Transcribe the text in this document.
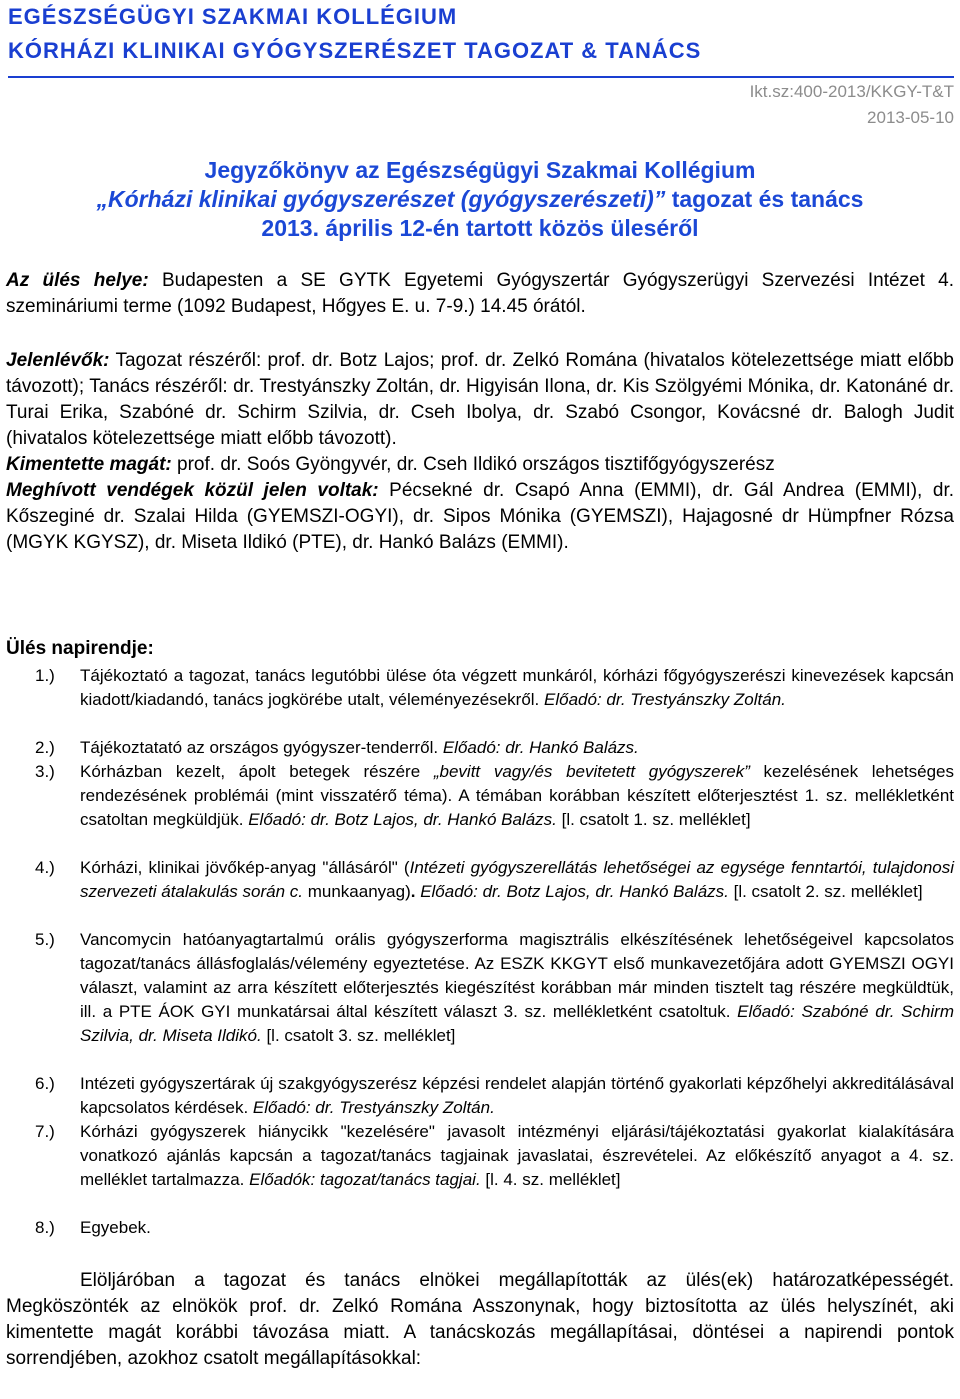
EGÉSZSÉGÜGYI SZAKMAI KOLLÉGIUM
KÓRHÁZI KLINIKAI GYÓGYSZERÉSZET TAGOZAT & TANÁCS
Ikt.sz:400-2013/KKGY-T&T
2013-05-10
Jegyzőkönyv az Egészségügyi Szakmai Kollégium
„Kórházi klinikai gyógyszerészet (gyógyszerészeti)” tagozat és tanács
2013. április 12-én tartott közös üleséről
Az ülés helye: Budapesten a SE GYTK Egyetemi Gyógyszertár Gyógyszerügyi Szervezési Intézet 4. szemináriumi terme (1092 Budapest, Hőgyes E. u. 7-9.) 14.45 órától.
Jelenlévők: Tagozat részéről: prof. dr. Botz Lajos; prof. dr. Zelkó Romána (hivatalos kötelezettsége miatt előbb távozott); Tanács részéről: dr. Trestyánszky Zoltán, dr. Higyisán Ilona, dr. Kis Szölgyémi Mónika, dr. Katonáné dr. Turai Erika, Szabóné dr. Schirm Szilvia, dr. Cseh Ibolya, dr. Szabó Csongor, Kovácsné dr. Balogh Judit (hivatalos kötelezettsége miatt előbb távozott).
Kimentette magát: prof. dr. Soós Gyöngyvér, dr. Cseh Ildikó országos tisztifőgyógyszerész
Meghívott vendégek közül jelen voltak: Pécsekné dr. Csapó Anna (EMMI), dr. Gál Andrea (EMMI), dr. Kőszeginé dr. Szalai Hilda (GYEMSZI-OGYI), dr. Sipos Mónika (GYEMSZI), Hajagosné dr Hümpfner Rózsa (MGYK KGYSZ), dr. Miseta Ildikó (PTE), dr. Hankó Balázs (EMMI).
Ülés napirendje:
1.)	Tájékoztató a tagozat, tanács legutóbbi ülése óta végzett munkáról, kórházi főgyógyszerészi kinevezések kapcsán kiadott/kiadandó, tanács jogkörébe utalt, véleményezésekről. Előadó: dr. Trestyánszky Zoltán.
2.)	Tájékoztatató az országos gyógyszer-tenderről. Előadó: dr. Hankó Balázs.
3.)	Kórházban kezelt, ápolt betegek részére „bevitt vagy/és bevitetett gyógyszerek” kezelésének lehetséges rendezésének problémái (mint visszatérő téma). A témában korábban készített előterjesztést 1. sz. mellékletként csatoltan megküldjük. Előadó: dr. Botz Lajos, dr. Hankó Balázs. [l. csatolt 1. sz. melléklet]
4.)	Kórházi, klinikai jövőkép-anyag "állásáról" (Intézeti gyógyszerellátás lehetőségei az egysége fenntartói, tulajdonosi szervezeti átalakulás során c. munkaanyag). Előadó: dr. Botz Lajos, dr. Hankó Balázs. [l. csatolt 2. sz. melléklet]
5.)	Vancomycin hatóanyagtartalmú orális gyógyszerforma magisztrális elkészítésének lehetőségeivel kapcsolatos tagozat/tanács állásfoglalás/vélemény egyeztetése. Az ESZK KKGYT első munkavezetőjára adott GYEMSZI OGYI választ, valamint az arra készített előterjesztés kiegészítést korábban már minden tisztelt tag részére megküldtük, ill. a PTE ÁOK GYI munkatársai által készített választ 3. sz. mellékletként csatoltuk. Előadó: Szabóné dr. Schirm Szilvia, dr. Miseta Ildikó. [l. csatolt 3. sz. melléklet]
6.)	Intézeti gyógyszertárak új szakgyógyszerész képzési rendelet alapján történő gyakorlati képzőhelyi akkreditálásával kapcsolatos kérdések. Előadó: dr. Trestyánszky Zoltán.
7.)	Kórházi gyógyszerek hiánycikk "kezelésére" javasolt intézményi eljárási/tájékoztatási gyakorlat kialakítására vonatkozó ajánlás kapcsán a tagozat/tanács tagjainak javaslatai, észrevételei. Az előkészítő anyagot a 4. sz. melléklet tartalmazza. Előadók: tagozat/tanács tagjai. [l. 4. sz. melléklet]
8.)	Egyebek.
Elöljáróban a tagozat és tanács elnökei megállapították az ülés(ek) határozatképességét. Megköszönték az elnökök prof. dr. Zelkó Romána Asszonynak, hogy biztosította az ülés helyszínét, aki kimentette magát korábbi távozása miatt. A tanácskozás megállapításai, döntései a napirendi pontok sorrendjében, azokhoz csatolt megállapításokkal:
